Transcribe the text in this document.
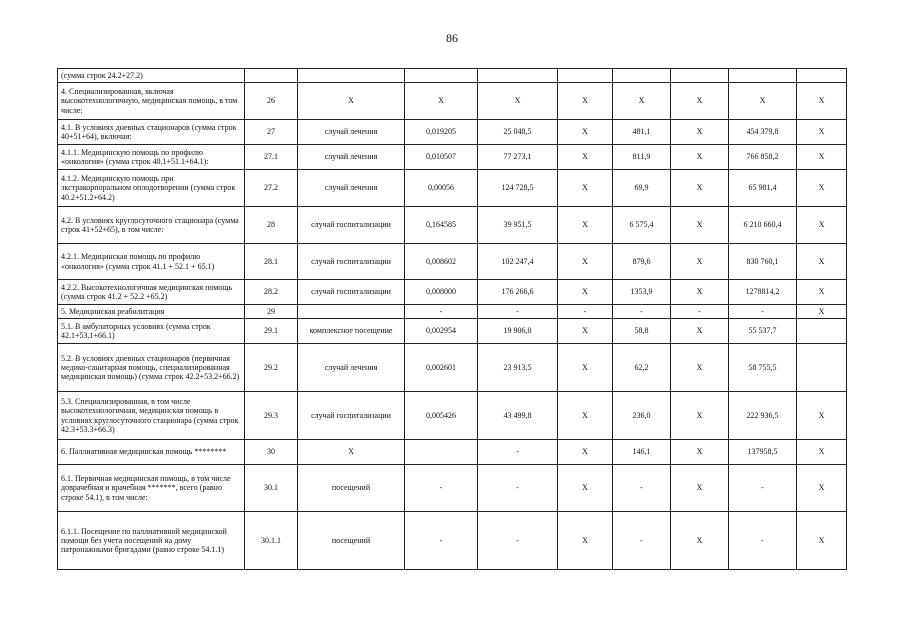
86
(сумма строк 24.2+27.2)									
4. Специализированная, включая высокотехнологичную, медицинская помощь, в том числе:	26	X	X	X	X	X	X	X	X
4.1. В условиях дневных стационаров (сумма строк 40+51+64), включая:	27	случай лечения	0,019205	25 048,5	X	481,1	X	454 379,8	X
4.1.1. Медицинскую помощь по профилю «онкология» (сумма строк 40.1+51.1+64.1):	27.1	случай лечения	0,010507	77 273,1	X	811,9	X	766 858,2	X
4.1.2. Медицинскую помощь при экстракорпоральном оплодотворении (сумма строк 40.2+51.2+64.2)	27.2	случай лечения	0,00056	124 728,5	X	69,9	X	65 981,4	X
4.2. В условиях круглосуточного стационара (сумма строк 41+52+65), в том числе:	28	случай госпитализации	0,164585	39 951,5	X	6 575,4	X	6 210 660,4	X
4.2.1. Медицинская помощь по профилю «онкология» (сумма строк 41.1 + 52.1 + 65.1)	28.1	случай госпитализации	0,008602	102 247,4	X	879,6	X	830 760,1	X
4.2.2. Высокотехнологичная медицинская помощь (сумма строк 41.2 + 52.2 +65.2)	28.2	случай госпитализации	0,008000	176 266,6	X	1353,9	X	1278814,2	X
5. Медицинская реабилитация	29		-	-	-	-	-	-	X
5.1. В амбулаторных условиях (сумма строк 42.1+53.1+66.1)	29.1	комплексное посещение	0,002954	19 906,0	X	58,8	X	55 537,7	
5.2. В условиях дневных стационаров (первичная медико-санитарная помощь, специализированная медицинская помощь) (сумма строк 42.2+53.2+66.2)	29.2	случай лечения	0,002601	23 913,5	X	62,2	X	58 755,5	
5.3. Специализированная, в том числе высокотехнологичная, медицинская помощь в условиях круглосуточного стационара (сумма строк 42.3+53.3+66.3)	29.3	случай госпитализации	0,005426	43 499,8	X	236,0	X	222 936,5	X
6. Паллиативная медицинская помощь ********	30	X		-	X	146,1	X	137958,5	X
6.1. Первичная медицинская помощь, в том числе доврачебная и врачебная *******, всего (равно строке 54.1), в том числе:	30.1	посещений	-	-	X	-	X	-	X
6.1.1. Посещение по паллиативной медицинской помощи без учета посещений на дому патронажными бригадами (равно строке 54.1.1)	30.1.1	посещений	-	-	X	-	X	-	X
